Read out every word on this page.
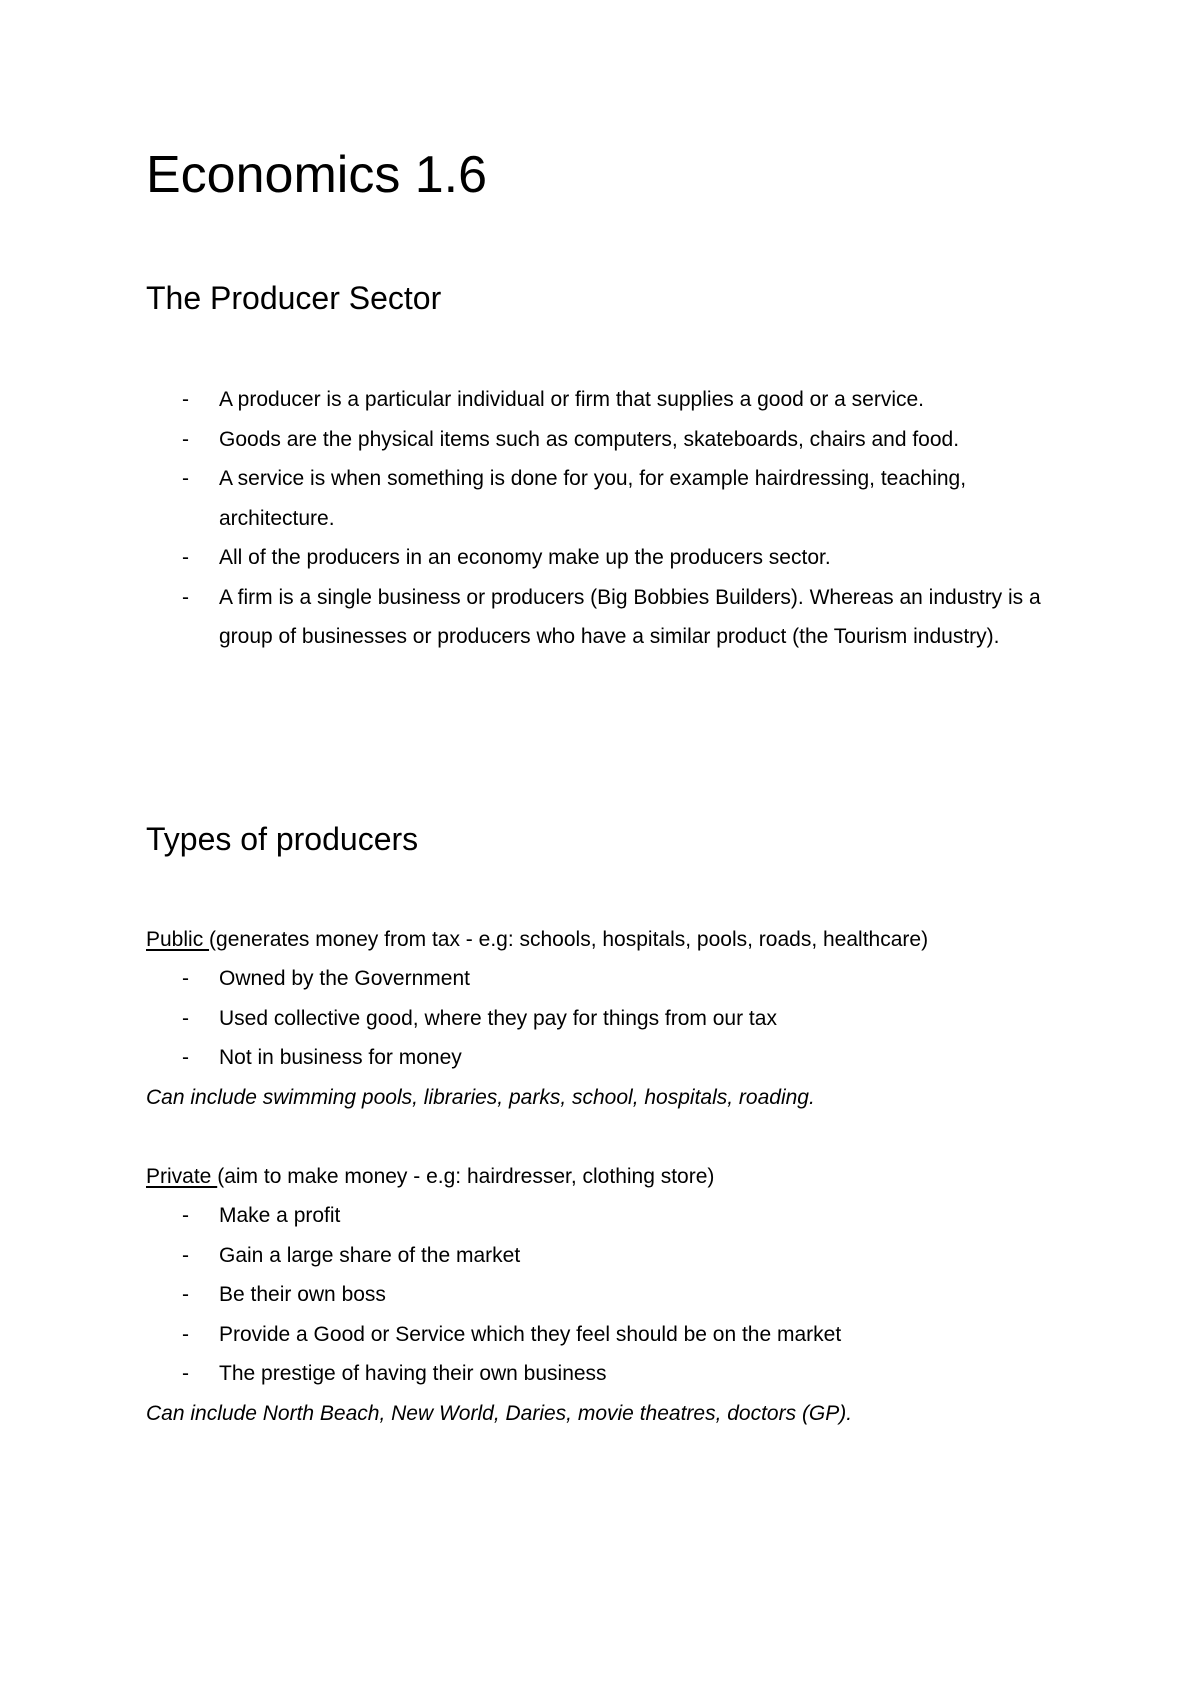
Economics 1.6
The Producer Sector
- A producer is a particular individual or firm that supplies a good or a service.
- Goods are the physical items such as computers, skateboards, chairs and food.
- A service is when something is done for you, for example hairdressing, teaching, architecture.
- All of the producers in an economy make up the producers sector.
- A firm is a single business or producers (Big Bobbies Builders). Whereas an industry is a group of businesses or producers who have a similar product (the Tourism industry).
Types of producers

Public (generates money from tax - e.g: schools, hospitals, pools, roads, healthcare)

- Owned by the Government
- Used collective good, where they pay for things from our tax
- Not in business for money

Can include swimming pools, libraries, parks, school, hospitals, roading.

Private (aim to make money - e.g: hairdresser, clothing store)

- Make a profit
- Gain a large share of the market
- Be their own boss
- Provide a Good or Service which they feel should be on the market
- The prestige of having their own business

Can include North Beach, New World, Daries, movie theatres, doctors (GP).
